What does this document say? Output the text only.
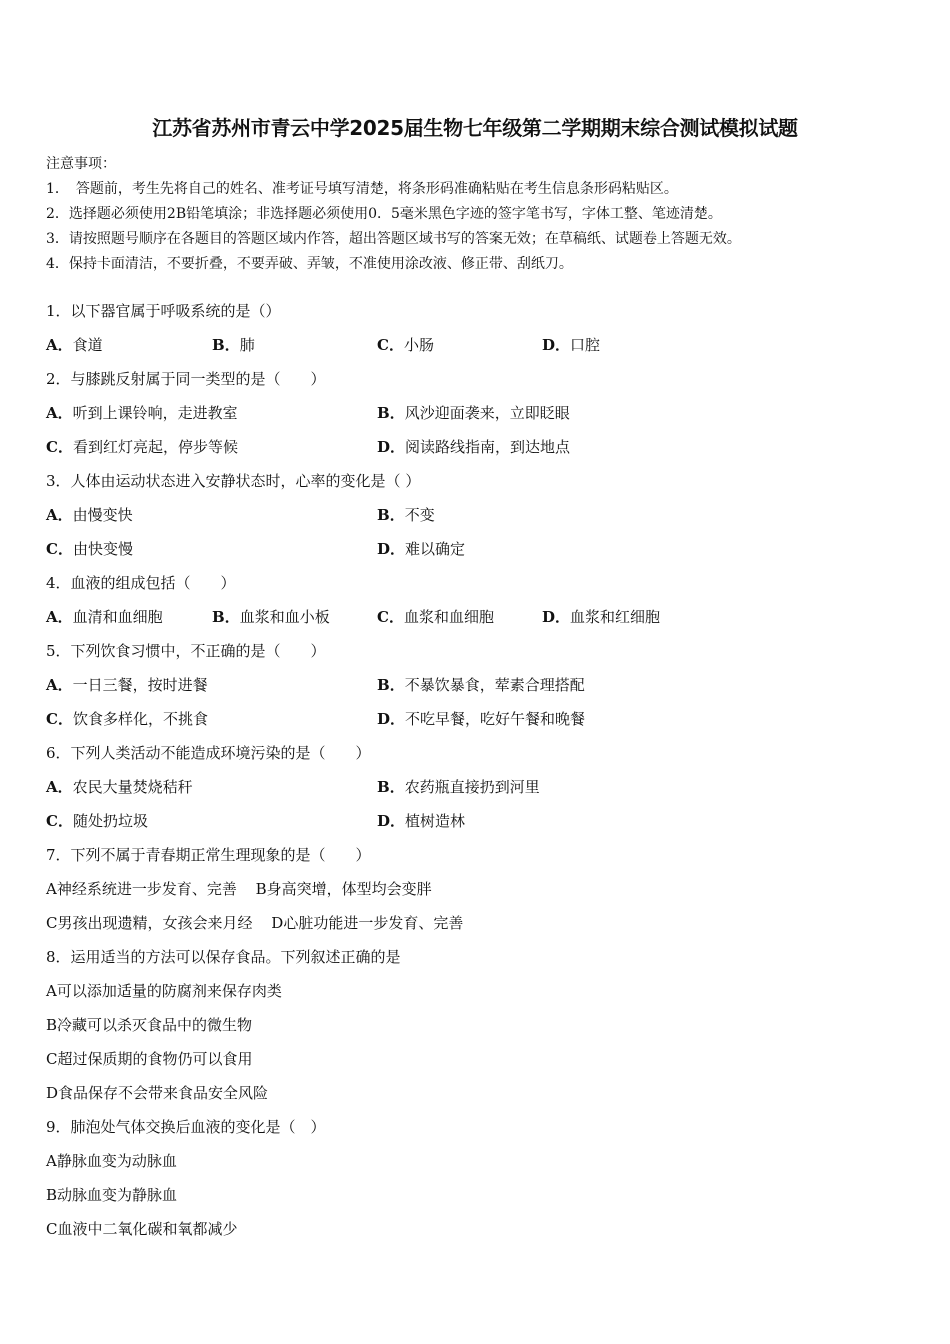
江苏省苏州市青云中学2025届生物七年级第二学期期末综合测试模拟试题
注意事项：
1．　答题前，考生先将自己的姓名、准考证号填写清楚，将条形码准确粘贴在考生信息条形码粘贴区。
2．选择题必须使用2B铅笔填涂；非选择题必须使用0．5毫米黑色字迹的签字笔书写，字体工整、笔迹清楚。
3．请按照题号顺序在各题目的答题区域内作答，超出答题区域书写的答案无效；在草稿纸、试题卷上答题无效。
4．保持卡面清洁，不要折叠，不要弄破、弄皱，不准使用涂改液、修正带、刮纸刀。
1．以下器官属于呼吸系统的是（）
A ． 食道	B ． 肺	C ． 小肠	D ． 口腔
2．与膝跳反射属于同一类型的是（　　）
A ． 听到上课铃响，走进教室	B ． 风沙迎面袭来，立即眨眼
C ． 看到红灯亮起，停步等候	D ． 阅读路线指南，到达地点
3．人体由运动状态进入安静状态时，心率的变化是（ ）
A ． 由慢变快	B ． 不变
C ． 由快变慢	D ． 难以确定
4．血液的组成包括（　　）
A ． 血清和血细胞	B ． 血浆和血小板	C ． 血浆和血细胞	D ． 血浆和红细胞
5．下列饮食习惯中，不正确的是（　　）
A ． 一日三餐，按时进餐	B ． 不暴饮暴食，荤素合理搭配
C ． 饮食多样化，不挑食	D ． 不吃早餐，吃好午餐和晚餐
6．下列人类活动不能造成环境污染的是（　　）
A ． 农民大量焚烧秸秆	B ． 农药瓶直接扔到河里
C ． 随处扔垃圾	D ． 植树造林
7．下列不属于青春期正常生理现象的是（　　）
A神经系统进一步发育、完善 B身高突增，体型均会变胖
C男孩出现遗精，女孩会来月经 D心脏功能进一步发育、完善
8．运用适当的方法可以保存食品。下列叙述正确的是
A可以添加适量的防腐剂来保存肉类
B冷藏可以杀灭食品中的微生物
C超过保质期的食物仍可以食用
D食品保存不会带来食品安全风险
9．肺泡处气体交换后血液的变化是（　）
A静脉血变为动脉血
B动脉血变为静脉血
C血液中二氧化碳和氧都减少
